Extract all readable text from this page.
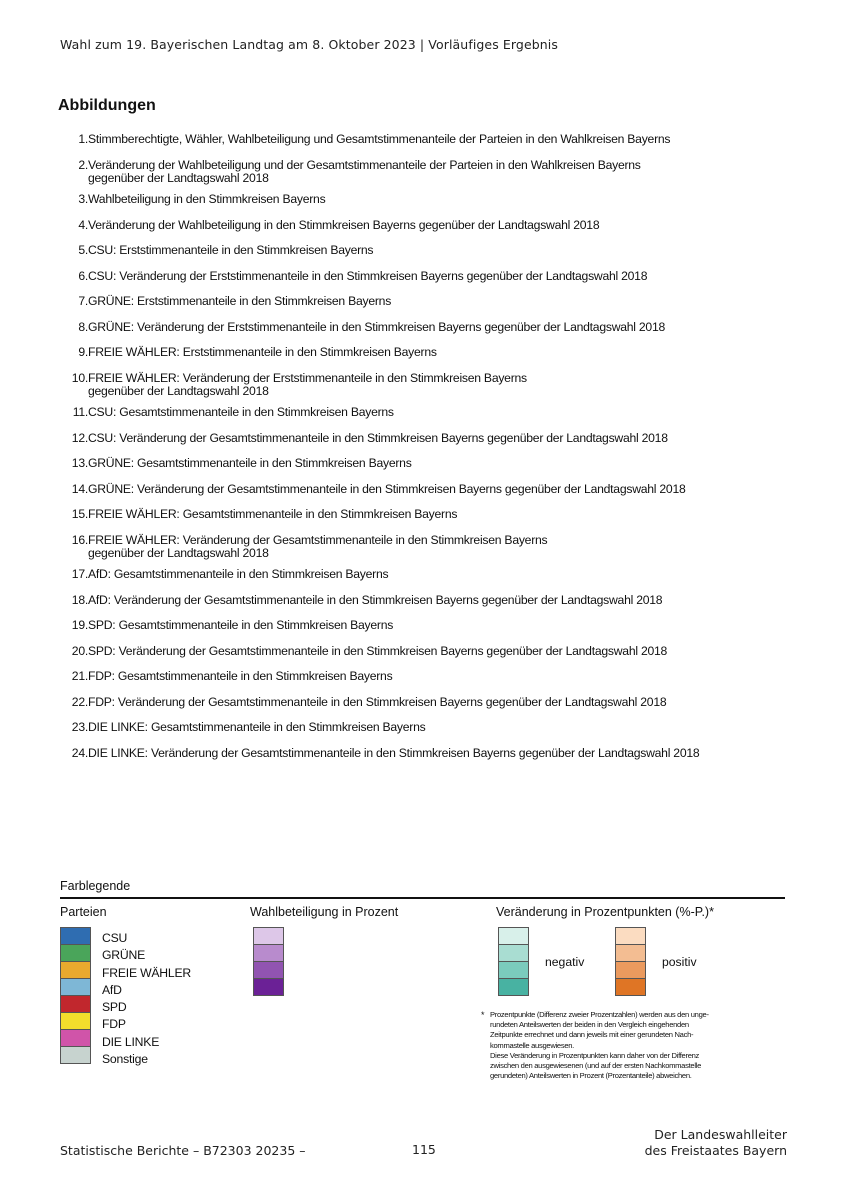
Wahl zum 19. Bayerischen Landtag am 8. Oktober 2023 | Vorläufiges Ergebnis
Abbildungen
1. Stimmberechtigte, Wähler, Wahlbeteiligung und Gesamtstimmenanteile der Parteien in den Wahlkreisen Bayerns
2. Veränderung der Wahlbeteiligung und der Gesamtstimmenanteile der Parteien in den Wahlkreisen Bayerns
gegenüber der Landtagswahl 2018
3. Wahlbeteiligung in den Stimmkreisen Bayerns
4. Veränderung der Wahlbeteiligung in den Stimmkreisen Bayerns gegenüber der Landtagswahl 2018
5. CSU: Erststimmenanteile in den Stimmkreisen Bayerns
6. CSU: Veränderung der Erststimmenanteile in den Stimmkreisen Bayerns gegenüber der Landtagswahl 2018
7. GRÜNE: Erststimmenanteile in den Stimmkreisen Bayerns
8. GRÜNE: Veränderung der Erststimmenanteile in den Stimmkreisen Bayerns gegenüber der Landtagswahl 2018
9. FREIE WÄHLER: Erststimmenanteile in den Stimmkreisen Bayerns
10. FREIE WÄHLER: Veränderung der Erststimmenanteile in den Stimmkreisen Bayerns
gegenüber der Landtagswahl 2018
11. CSU: Gesamtstimmenanteile in den Stimmkreisen Bayerns
12. CSU: Veränderung der Gesamtstimmenanteile in den Stimmkreisen Bayerns gegenüber der Landtagswahl 2018
13. GRÜNE: Gesamtstimmenanteile in den Stimmkreisen Bayerns
14. GRÜNE: Veränderung der Gesamtstimmenanteile in den Stimmkreisen Bayerns gegenüber der Landtagswahl 2018
15. FREIE WÄHLER: Gesamtstimmenanteile in den Stimmkreisen Bayerns
16. FREIE WÄHLER: Veränderung der Gesamtstimmenanteile in den Stimmkreisen Bayerns
gegenüber der Landtagswahl 2018
17. AfD: Gesamtstimmenanteile in den Stimmkreisen Bayerns
18. AfD: Veränderung der Gesamtstimmenanteile in den Stimmkreisen Bayerns gegenüber der Landtagswahl 2018
19. SPD: Gesamtstimmenanteile in den Stimmkreisen Bayerns
20. SPD: Veränderung der Gesamtstimmenanteile in den Stimmkreisen Bayerns gegenüber der Landtagswahl 2018
21. FDP: Gesamtstimmenanteile in den Stimmkreisen Bayerns
22. FDP: Veränderung der Gesamtstimmenanteile in den Stimmkreisen Bayerns gegenüber der Landtagswahl 2018
23. DIE LINKE: Gesamtstimmenanteile in den Stimmkreisen Bayerns
24. DIE LINKE: Veränderung der Gesamtstimmenanteile in den Stimmkreisen Bayerns gegenüber der Landtagswahl 2018
Farblegende
Parteien	Wahlbeteiligung in Prozent	Veränderung in Prozentpunkten (%-P.)*
CSU
GRÜNE
FREIE WÄHLER
AfD
SPD
FDP
DIE LINKE
Sonstige
negativ	positiv
* Prozentpunkte (Differenz zweier Prozentzahlen) werden aus den unge-
rundeten Anteilswerten der beiden in den Vergleich eingehenden
Zeitpunkte errechnet und dann jeweils mit einer gerundeten Nach-
kommastelle ausgewiesen.
Diese Veränderung in Prozentpunkten kann daher von der Differenz
zwischen den ausgewiesenen (und auf der ersten Nachkommastelle
gerundeten) Anteilswerten in Prozent (Prozentanteile) abweichen.
Statistische Berichte – B72303 20235 –	115
Der Landeswahlleiter
des Freistaates Bayern
